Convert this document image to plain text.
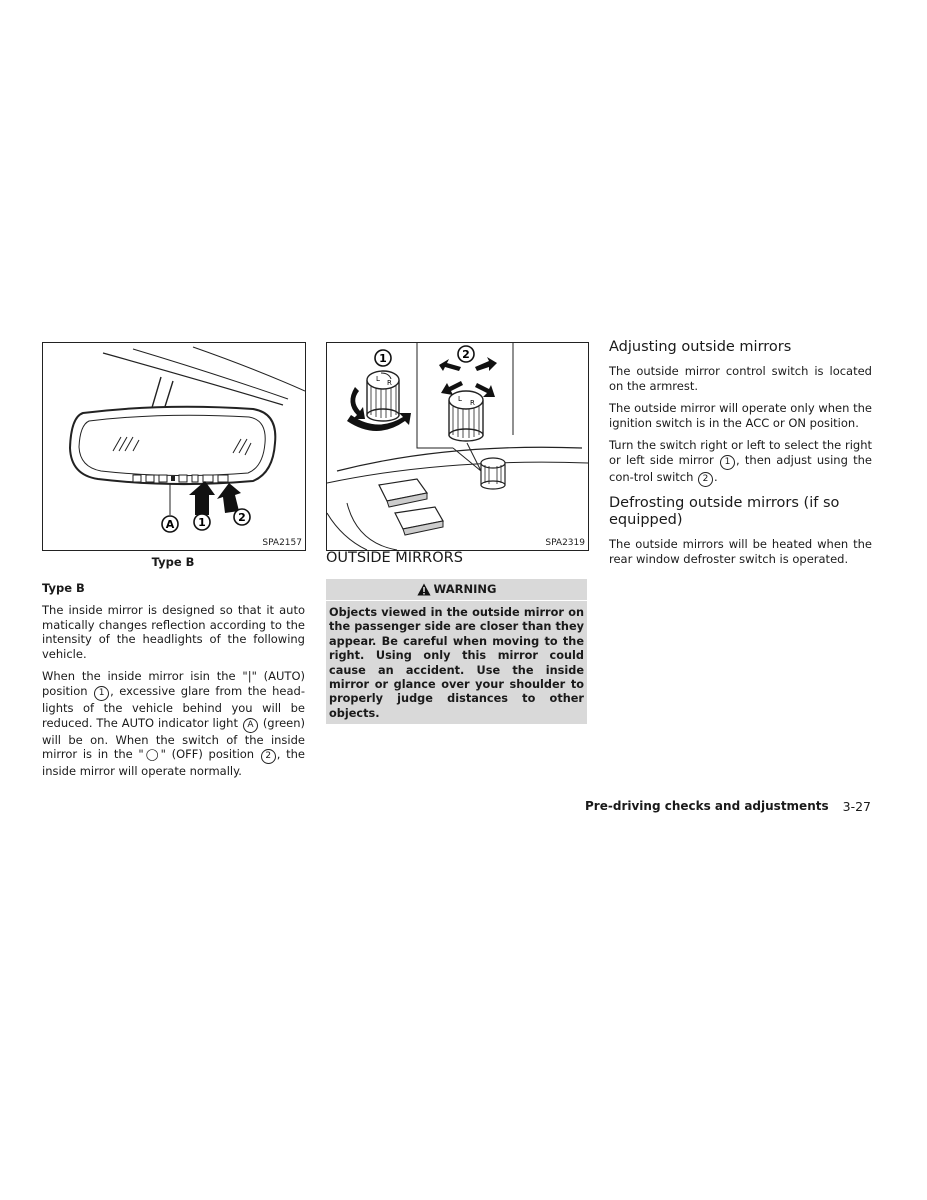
A 1	2
SPA2157
Type B
L R
1
L R
2
SPA2319

Type B

The inside mirror is designed so that it auto matically changes reflection according to the intensity of the headlights of the following vehicle.

When the inside mirror isin the "|" (AUTO) position 1 , excessive glare from the head-lights of the vehicle behind you will be reduced. The AUTO indicator light A (green) will be on. When the switch of the inside mirror is in the "◯" (OFF) position 2 , the inside mirror will operate normally.

OUTSIDE MIRRORS
WARNING

Objects viewed in the outside mirror on the passenger side are closer than they appear. Be careful when moving to the right. Using only this mirror could cause an accident. Use the inside mirror or glance over your shoulder to properly judge distances to other objects.

Adjusting outside mirrors

The outside mirror control switch is located on the armrest.

The outside mirror will operate only when the ignition switch is in the ACC or ON position.

Turn the switch right or left to select the right or left side mirror 1 , then adjust using the con-trol switch 2 .

Defrosting outside mirrors (if so equipped)

The outside mirrors will be heated when the rear window defroster switch is operated.

Pre-driving checks and adjustments 3-27
